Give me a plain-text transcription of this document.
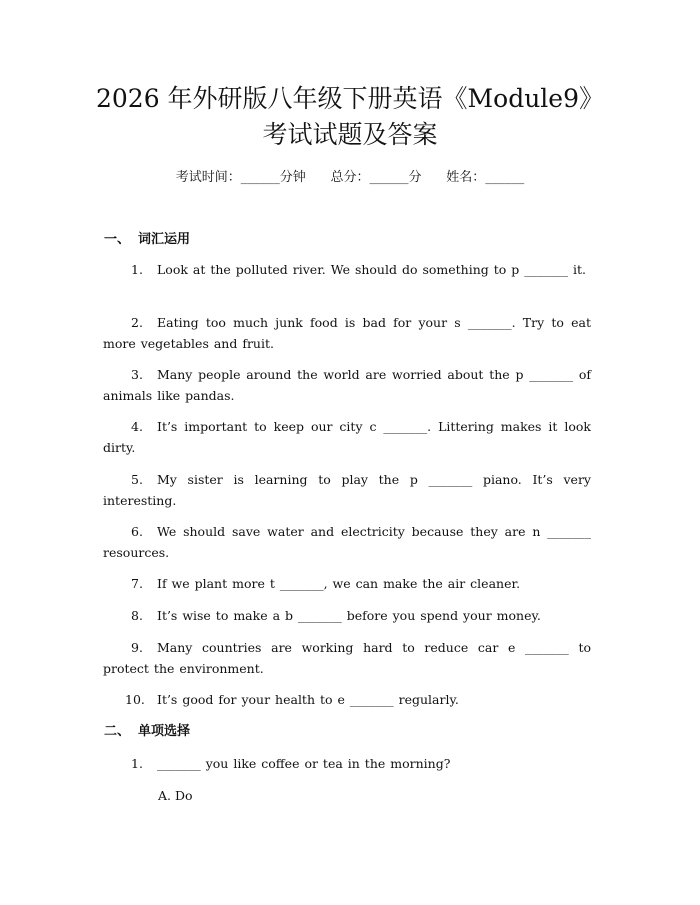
2026 年外研版八年级下册英语《Module9》
考试试题及答案
考试时间：______分钟      总分：______分      姓名：______
一、 词汇运用
1. Look at the polluted river. We should do something to p _______ it.
2. Eating too much junk food is bad for your s _______. Try to eat more vegetables and fruit.
3. Many people around the world are worried about the p _______ of animals like pandas.
4. It’s important to keep our city c _______. Littering makes it look dirty.
5. My sister is learning to play the p _______ piano. It’s very interesting.
6. We should save water and electricity because they are n _______ resources.
7. If we plant more t _______, we can make the air cleaner.
8. It’s wise to make a b _______ before you spend your money.
9. Many countries are working hard to reduce car e _______ to protect the environment.
10. It’s good for your health to e _______ regularly.
二、 单项选择
1. _______ you like coffee or tea in the morning?
A. Do
